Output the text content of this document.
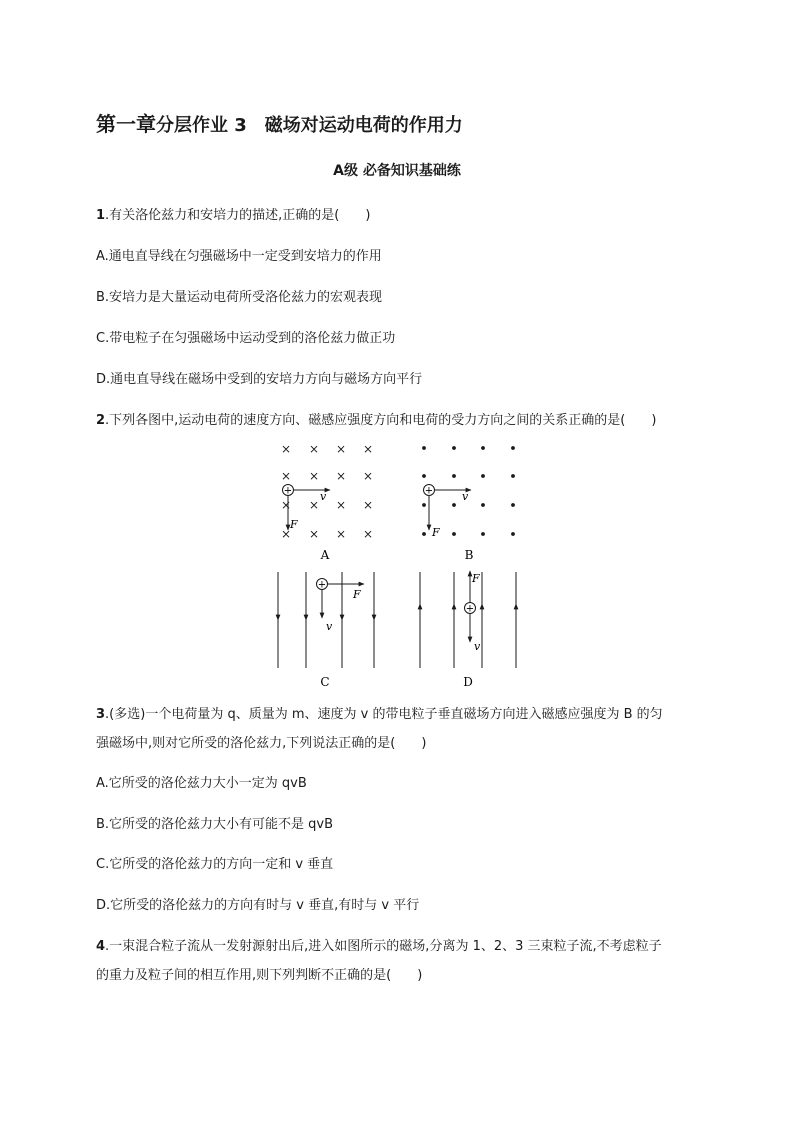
第一章分层作业 3 磁场对运动电荷的作用力
A级 必备知识基础练
1.有关洛伦兹力和安培力的描述,正确的是(　　)
A.通电直导线在匀强磁场中一定受到安培力的作用
B.安培力是大量运动电荷所受洛伦兹力的宏观表现
C.带电粒子在匀强磁场中运动受到的洛伦兹力做正功
D.通电直导线在磁场中受到的安培力方向与磁场方向平行
2.下列各图中,运动电荷的速度方向、磁感应强度方向和电荷的受力方向之间的关系正确的是(　　)
× × × ×
× × × ×
× × × ×
× × × ×
+	v
F
A
+	v
F
B
+
F
v
C
F
+
v
D
3.(多选)一个电荷量为 q、质量为 m、速度为 v 的带电粒子垂直磁场方向进入磁感应强度为 B 的匀
强磁场中,则对它所受的洛伦兹力,下列说法正确的是(　　)
A.它所受的洛伦兹力大小一定为 qvB
B.它所受的洛伦兹力大小有可能不是 qvB
C.它所受的洛伦兹力的方向一定和 v 垂直
D.它所受的洛伦兹力的方向有时与 v 垂直,有时与 v 平行
4.一束混合粒子流从一发射源射出后,进入如图所示的磁场,分离为 1、2、3 三束粒子流,不考虑粒子
的重力及粒子间的相互作用,则下列判断不正确的是(　　)
